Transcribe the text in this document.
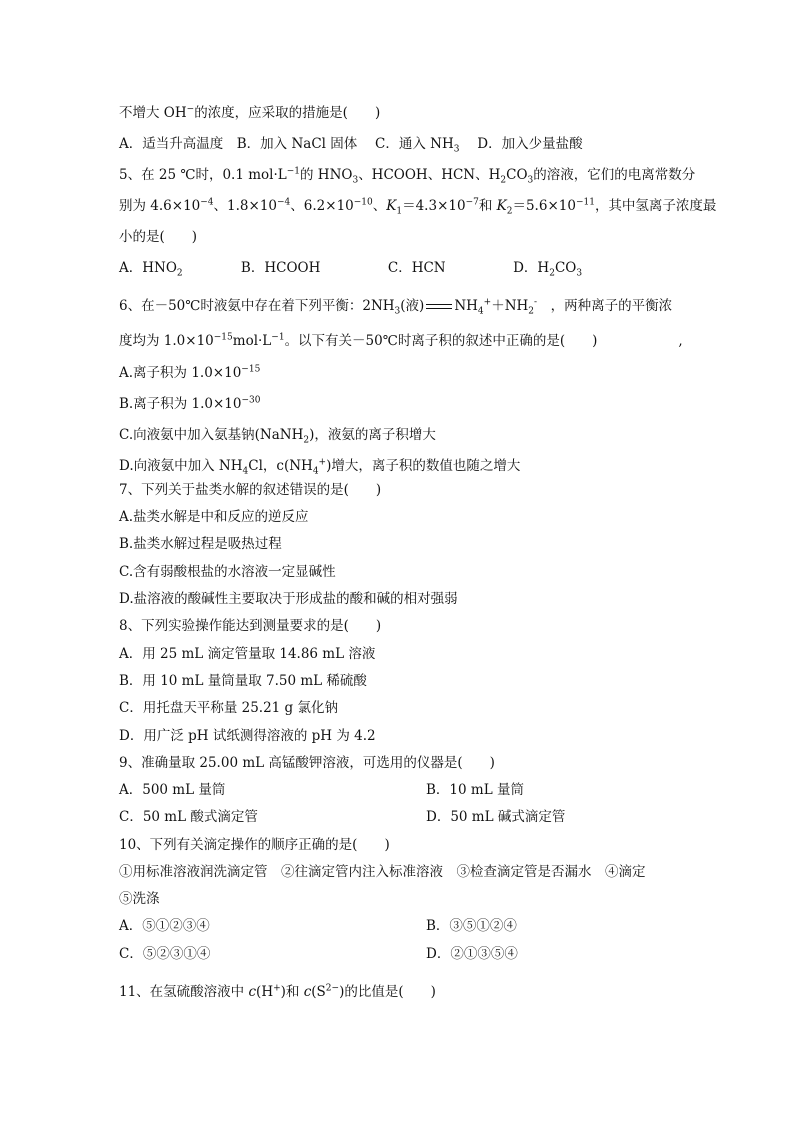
不增大 OH−的浓度，应采取的措施是(　　)
A．适当升高温度　B．加入 NaCl 固体　 C．通入 $NH_3$　 D．加入少量盐酸
5、在 25 ℃时，0.1 $mol\cdot L^{-1}$的 $HNO_3$、HCOOH、HCN、$H_2CO_3$的溶液，它们的电离常数分
别为 $4.6\times 10^{-4}$、$1.8\times 10^{-4}$、$6.2\times 10^{-10}$、$K_1=4.3\times 10^{-7}$和 $K_2=5.6\times 10^{-11}$，其中氢离子浓度最
小的是(　　)
A．$HNO_2$　　　　 B．HCOOH　　　　　C．HCN　　　　　D．$H_2CO_3$
6、在－50℃时液氨中存在着下列平衡：$2NH_3$(液) $NH_4^++NH_2^-$　，两种离子的平衡浓
度均为 $1.0\times 10^{-15}mol\cdot L^{-1}$。以下有关－50℃时离子积的叙述中正确的是(　　)　　　　　　,
A.离子积为 $1.0\times 10^{-15}$
B.离子积为 $1.0\times 10^{-30}$
C.向液氨中加入氨基钠(NaNH$_2$)，液氨的离子积增大
D.向液氨中加入 $NH_4Cl$，$c(NH_4^+)$增大，离子积的数值也随之增大
7、下列关于盐类水解的叙述错误的是(　　)
A.盐类水解是中和反应的逆反应
B.盐类水解过程是吸热过程
C.含有弱酸根盐的水溶液一定显碱性
D.盐溶液的酸碱性主要取决于形成盐的酸和碱的相对强弱
8、下列实验操作能达到测量要求的是(　　)
A．用 25 mL 滴定管量取 14.86 mL 溶液
B．用 10 mL 量筒量取 7.50 mL 稀硫酸
C．用托盘天平称量 25.21 g 氯化钠
D．用广泛 pH 试纸测得溶液的 pH 为 4.2
9、准确量取 25.00 mL 高锰酸钾溶液，可选用的仪器是(　　)
A．500 mL 量筒
C．50 mL 酸式滴定管
10、下列有关滴定操作的顺序正确的是(　　)
①用标准溶液润洗滴定管　②往滴定管内注入标准溶液　③检查滴定管是否漏水　④滴定
⑤洗涤
A．⑤①②③④
C．⑤②③①④
11、在氢硫酸溶液中 c(H+)和 $c(S^{2-})$的比值是(　　)
B．10 mL 量筒
D．50 mL 碱式滴定管
B．③⑤①②④
D．②①③⑤④
